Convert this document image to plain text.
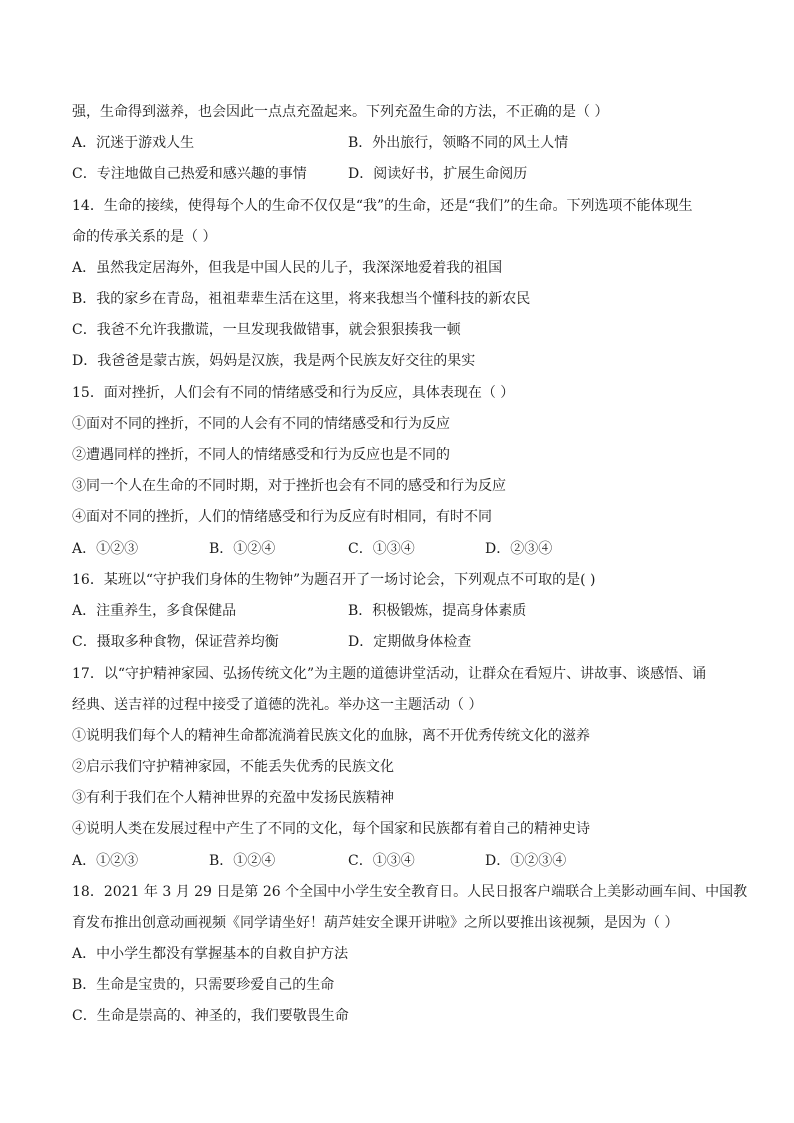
强，生命得到滋养，也会因此一点点充盈起来。下列充盈生命的方法，不正确的是（ ）
A．沉迷于游戏人生	B．外出旅行，领略不同的风土人情
C．专注地做自己热爱和感兴趣的事情	D．阅读好书，扩展生命阅历
14．生命的接续，使得每个人的生命不仅仅是“我”的生命，还是“我们”的生命。下列选项不能体现生
命的传承关系的是（ ）
A．虽然我定居海外，但我是中国人民的儿子，我深深地爱着我的祖国
B．我的家乡在青岛，祖祖辈辈生活在这里，将来我想当个懂科技的新农民
C．我爸不允许我撒谎，一旦发现我做错事，就会狠狠揍我一顿
D．我爸爸是蒙古族，妈妈是汉族，我是两个民族友好交往的果实
15．面对挫折，人们会有不同的情绪感受和行为反应，具体表现在（ ）
①面对不同的挫折，不同的人会有不同的情绪感受和行为反应
②遭遇同样的挫折，不同人的情绪感受和行为反应也是不同的
③同一个人在生命的不同时期，对于挫折也会有不同的感受和行为反应
④面对不同的挫折，人们的情绪感受和行为反应有时相同，有时不同
A．①②③	B．①②④	C．①③④	D．②③④
16．某班以“守护我们身体的生物钟”为题召开了一场讨论会，下列观点不可取的是( )
A．注重养生，多食保健品	B．积极锻炼，提高身体素质
C．摄取多种食物，保证营养均衡	D．定期做身体检查
17．以“守护精神家园、弘扬传统文化”为主题的道德讲堂活动，让群众在看短片、讲故事、谈感悟、诵
经典、送吉祥的过程中接受了道德的洗礼。举办这一主题活动（ ）
①说明我们每个人的精神生命都流淌着民族文化的血脉，离不开优秀传统文化的滋养
②启示我们守护精神家园，不能丢失优秀的民族文化
③有利于我们在个人精神世界的充盈中发扬民族精神
④说明人类在发展过程中产生了不同的文化，每个国家和民族都有着自己的精神史诗
A．①②③	B．①②④	C．①③④	D．①②③④
18．2021 年 3 月 29 日是第 26 个全国中小学生安全教育日。人民日报客户端联合上美影动画车间、中国教
育发布推出创意动画视频《同学请坐好！葫芦娃安全课开讲啦》之所以要推出该视频，是因为（ ）
A．中小学生都没有掌握基本的自救自护方法
B．生命是宝贵的，只需要珍爱自己的生命
C．生命是崇高的、神圣的，我们要敬畏生命
